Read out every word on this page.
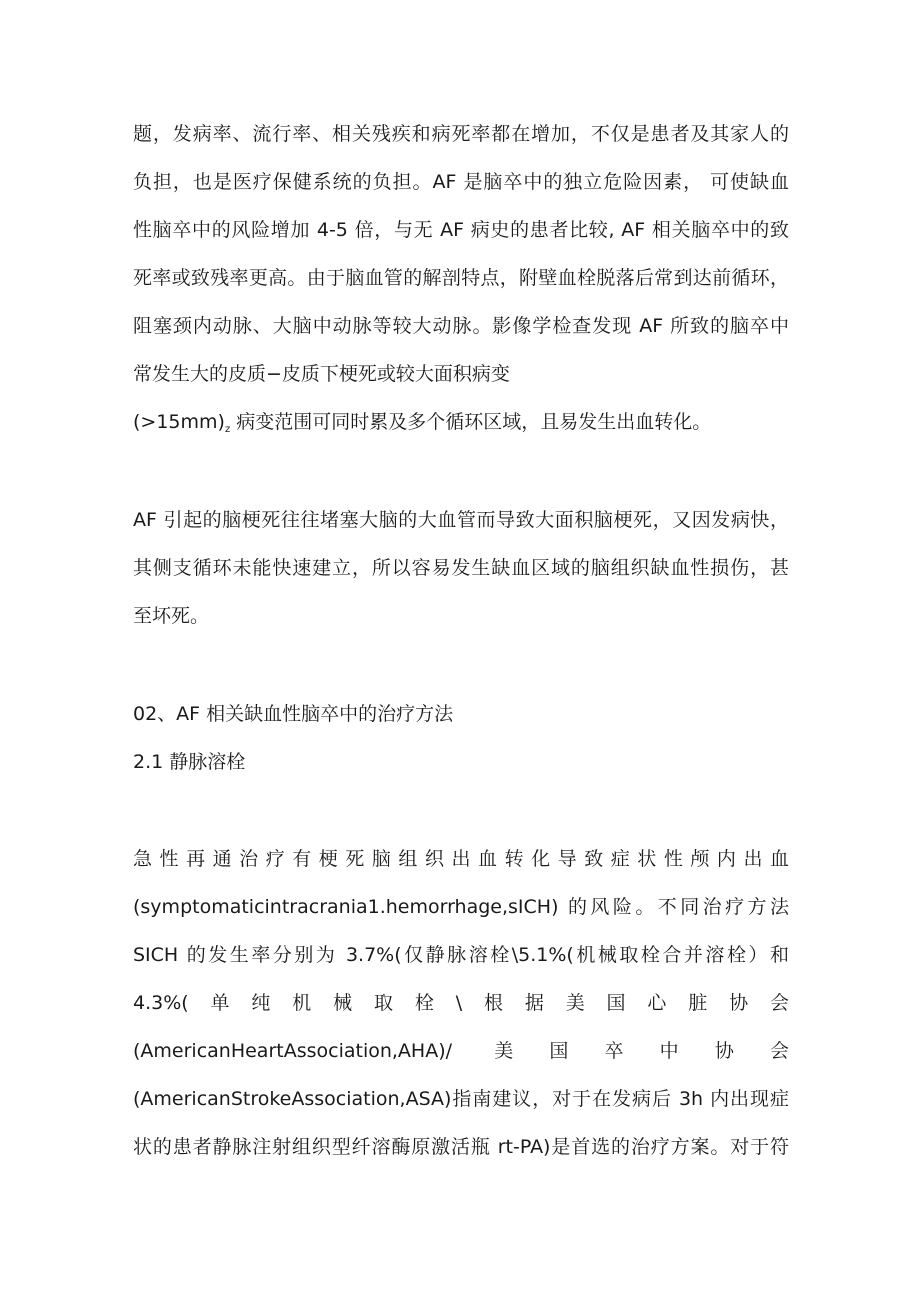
题，发病率、流行率、相关残疾和病死率都在增加，不仅是患者及其家人的

负担，也是医疗保健系统的负担。AF 是脑卒中的独立危险因素， 可使缺血

性脑卒中的风险增加 4-5 倍，与无 AF 病史的患者比较, AF 相关脑卒中的致

死率或致残率更高。由于脑血管的解剖特点，附壁血栓脱落后常到达前循环，

阻塞颈内动脉、大脑中动脉等较大动脉。影像学检查发现 AF 所致的脑卒中

常发生大的皮质−皮质下梗死或较大面积病变

$(>15mm)_z$ 病变范围可同时累及多个循环区域，且易发生出血转化。

AF 引起的脑梗死往往堵塞大脑的大血管而导致大面积脑梗死，又因发病快，

其侧支循环未能快速建立，所以容易发生缺血区域的脑组织缺血性损伤，甚

至坏死。

02、AF 相关缺血性脑卒中的治疗方法

2.1 静脉溶栓

急性再通治疗有梗死脑组织出血转化导致症状性颅内出血

(symptomaticintracrania1.hemorrhage,sICH) 的风险。不同治疗方法

SICH 的发生率分别为 3.7%(仅静脉溶栓\5.1%(机械取栓合并溶栓）和

4.3%(单纯机械取栓\根据美国心脏协会

(AmericanHeartAssociation,AHA)/ 美国卒中协会

(AmericanStrokeAssociation,ASA)指南建议，对于在发病后 3h 内出现症

状的患者静脉注射组织型纤溶酶原激活瓶 rt-PA)是首选的治疗方案。对于符
